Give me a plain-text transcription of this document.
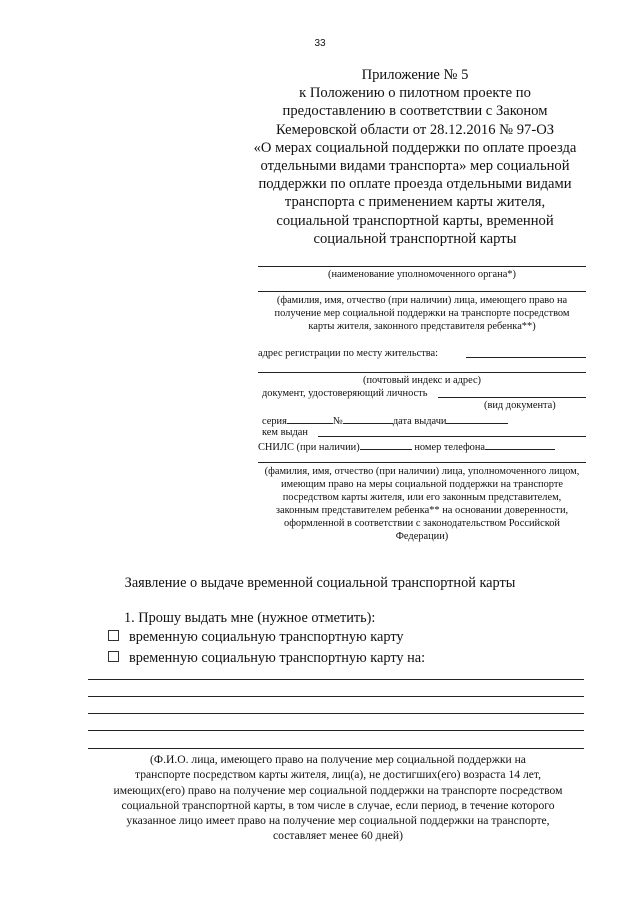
33
Приложение № 5
к Положению о пилотном проекте по
предоставлению в соответствии с Законом
Кемеровской области от 28.12.2016 № 97-ОЗ
«О мерах социальной поддержки по оплате проезда
отдельными видами транспорта» мер социальной
поддержки по оплате проезда отдельными видами
транспорта с применением карты жителя,
социальной транспортной карты, временной
социальной транспортной карты
(наименование уполномоченного органа*)
(фамилия, имя, отчество (при наличии) лица, имеющего право на
получение мер социальной поддержки на транспорте посредством
карты жителя, законного представителя ребенка**)
адрес регистрации по месту жительства:
(почтовый индекс и адрес)
документ, удостоверяющий личность
(вид документа)
серия	№	дата выдачи
кем выдан
СНИЛС (при наличии)	номер телефона
(фамилия, имя, отчество (при наличии) лица, уполномоченного лицом,
имеющим право на меры социальной поддержки на транспорте
посредством карты жителя, или его законным представителем,
законным представителем ребенка** на основании доверенности,
оформленной в соответствии с законодательством Российской
Федерации)
Заявление о выдаче временной социальной транспортной карты
1. Прошу выдать мне (нужное отметить):
временную социальную транспортную карту
временную социальную транспортную карту на:
(Ф.И.О. лица, имеющего право на получение мер социальной поддержки на
транспорте посредством карты жителя, лиц(а), не достигших(его) возраста 14 лет,
имеющих(его) право на получение мер социальной поддержки на транспорте посредством
социальной транспортной карты, в том числе в случае, если период, в течение которого
указанное лицо имеет право на получение мер социальной поддержки на транспорте,
составляет менее 60 дней)
